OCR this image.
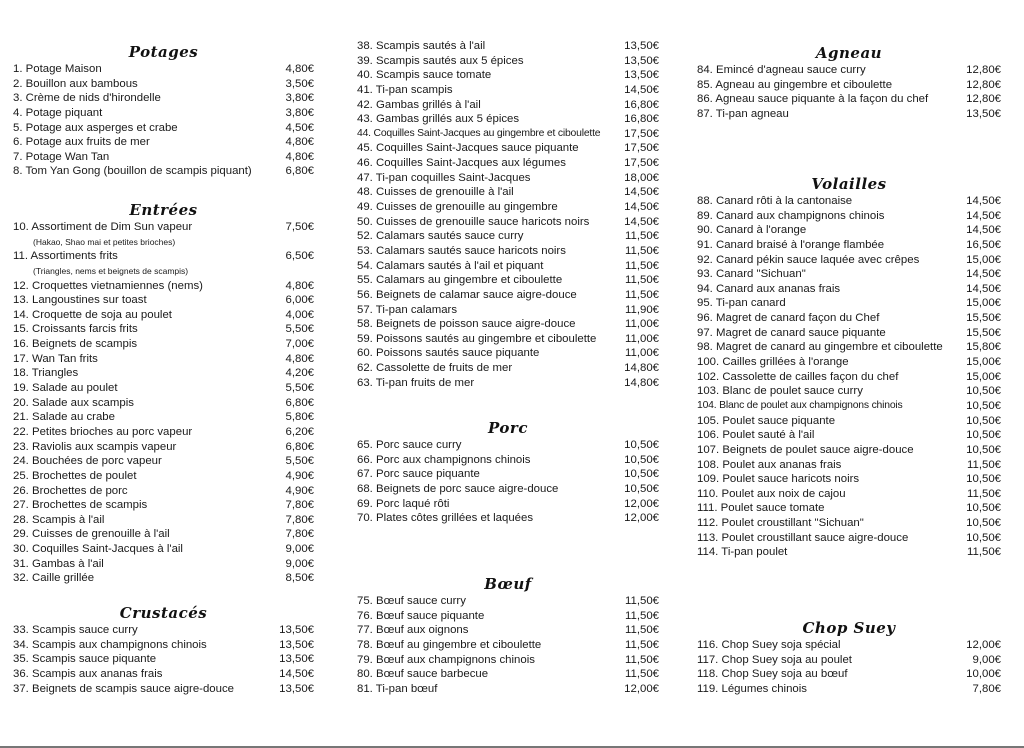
Potages
1. Potage Maison	4,80€
2. Bouillon aux bambous	3,50€
3. Crème de nids d'hirondelle	3,80€
4. Potage piquant	3,80€
5. Potage aux asperges et crabe	4,50€
6. Potage aux fruits de mer	4,80€
7. Potage Wan Tan	4,80€
8. Tom Yan Gong (bouillon de scampis piquant)	6,80€
Entrées
10. Assortiment de Dim Sun vapeur	7,50€
(Hakao, Shao mai et petites brioches)
11. Assortiments frits	6,50€
(Triangles, nems et beignets de scampis)
12. Croquettes vietnamiennes (nems)	4,80€
13. Langoustines sur toast	6,00€
14. Croquette de soja au poulet	4,00€
15. Croissants farcis frits	5,50€
16. Beignets de scampis	7,00€
17. Wan Tan frits	4,80€
18. Triangles	4,20€
19. Salade au poulet	5,50€
20. Salade aux scampis	6,80€
21. Salade au crabe	5,80€
22. Petites brioches au porc vapeur	6,20€
23. Raviolis aux scampis vapeur	6,80€
24. Bouchées de porc vapeur	5,50€
25. Brochettes de poulet	4,90€
26. Brochettes de porc	4,90€
27. Brochettes de scampis	7,80€
28. Scampis à l'ail	7,80€
29. Cuisses de grenouille à l'ail	7,80€
30. Coquilles Saint-Jacques à l'ail	9,00€
31. Gambas à l'ail	9,00€
32. Caille grillée	8,50€
Crustacés
33. Scampis sauce curry	13,50€
34. Scampis aux champignons chinois	13,50€
35. Scampis sauce piquante	13,50€
36. Scampis aux ananas frais	14,50€
37. Beignets de scampis sauce aigre-douce	13,50€
38. Scampis sautés à l'ail	13,50€
39. Scampis sautés aux 5 épices	13,50€
40. Scampis sauce tomate	13,50€
41. Ti-pan scampis	14,50€
42. Gambas grillés à l'ail	16,80€
43. Gambas grillés aux 5 épices	16,80€
44. Coquilles Saint-Jacques au gingembre et ciboulette 17,50€
45. Coquilles Saint-Jacques sauce piquante	17,50€
46. Coquilles Saint-Jacques aux légumes	17,50€
47. Ti-pan coquilles Saint-Jacques	18,00€
48. Cuisses de grenouille à l'ail	14,50€
49. Cuisses de grenouille au gingembre	14,50€
50. Cuisses de grenouille sauce haricots noirs	14,50€
52. Calamars sautés sauce curry	11,50€
53. Calamars sautés sauce haricots noirs	11,50€
54. Calamars sautés à l'ail et piquant	11,50€
55. Calamars au gingembre et ciboulette	11,50€
56. Beignets de calamar sauce aigre-douce	11,50€
57. Ti-pan calamars	11,90€
58. Beignets de poisson sauce aigre-douce	11,00€
59. Poissons sautés au gingembre et ciboulette	11,00€
60. Poissons sautés sauce piquante	11,00€
62. Cassolette de fruits de mer	14,80€
63. Ti-pan fruits de mer	14,80€
Porc
65. Porc sauce curry	10,50€
66. Porc aux champignons chinois	10,50€
67. Porc sauce piquante	10,50€
68. Beignets de porc sauce aigre-douce	10,50€
69. Porc laqué rôti	12,00€
70. Plates côtes grillées et laquées	12,00€
Bœuf
75. Bœuf sauce curry	11,50€
76. Bœuf sauce piquante	11,50€
77. Bœuf aux oignons	11,50€
78. Bœuf au gingembre et ciboulette	11,50€
79. Bœuf aux champignons chinois	11,50€
80. Bœuf sauce barbecue	11,50€
81. Ti-pan bœuf	12,00€
Agneau
84. Emincé d'agneau sauce curry	12,80€
85. Agneau au gingembre et ciboulette	12,80€
86. Agneau sauce piquante à la façon du chef	12,80€
87. Ti-pan agneau	13,50€
Volailles
88. Canard rôti à la cantonaise	14,50€
89. Canard aux champignons chinois	14,50€
90. Canard à l'orange	14,50€
91. Canard braisé à l'orange flambée	16,50€
92. Canard pékin sauce laquée avec crêpes	15,00€
93. Canard "Sichuan"	14,50€
94. Canard aux ananas frais	14,50€
95. Ti-pan canard	15,00€
96. Magret de canard façon du Chef	15,50€
97. Magret de canard sauce piquante	15,50€
98. Magret de canard au gingembre et ciboulette 15,80€
100. Cailles grillées à l'orange	15,00€
102. Cassolette de cailles façon du chef	15,00€
103. Blanc de poulet sauce curry	10,50€
104. Blanc de poulet aux champignons chinois	10,50€
105. Poulet sauce piquante	10,50€
106. Poulet sauté à l'ail	10,50€
107. Beignets de poulet sauce aigre-douce	10,50€
108. Poulet aux ananas frais	11,50€
109. Poulet sauce haricots noirs	10,50€
110. Poulet aux noix de cajou	11,50€
111. Poulet sauce tomate	10,50€
112. Poulet croustillant "Sichuan"	10,50€
113. Poulet croustillant sauce aigre-douce	10,50€
114. Ti-pan poulet	11,50€
Chop Suey
116. Chop Suey soja spécial	12,00€
117. Chop Suey soja au poulet	9,00€
118. Chop Suey soja au bœuf	10,00€
119. Légumes chinois	7,80€
